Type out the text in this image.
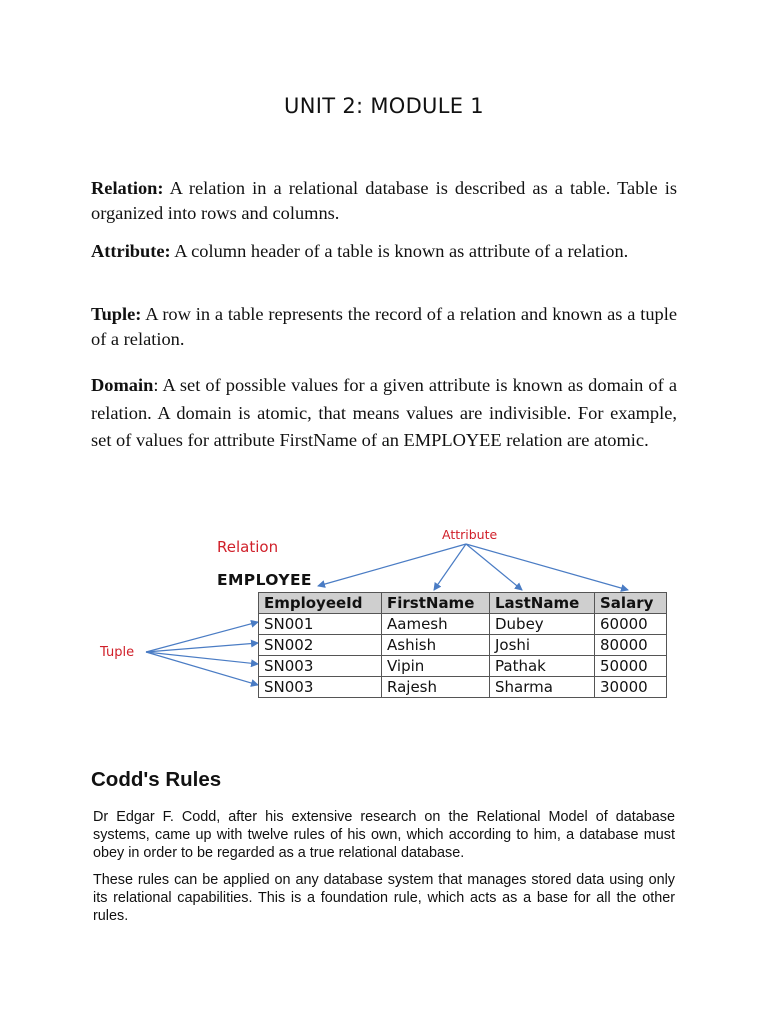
UNIT 2: MODULE 1
Relation: A relation in a relational database is described as a table. Table is organized into rows and columns.
Attribute: A column header of a table is known as attribute of a relation.
Tuple: A row in a table represents the record of a relation and known as a tuple of a relation.
Domain: A set of possible values for a given attribute is known as domain of a relation. A domain is atomic, that means values are indivisible. For example, set of values for attribute FirstName of an EMPLOYEE relation are atomic.
Relation
Attribute
Tuple
EMPLOYEE
EmployeeId	FirstName	LastName	Salary
SN001	Aamesh	Dubey	60000
SN002	Ashish	Joshi	80000
SN003	Vipin	Pathak	50000
SN003	Rajesh	Sharma	30000
Codd's Rules
Dr Edgar F. Codd, after his extensive research on the Relational Model of database systems, came up with twelve rules of his own, which according to him, a database must obey in order to be regarded as a true relational database.
These rules can be applied on any database system that manages stored data using only its relational capabilities. This is a foundation rule, which acts as a base for all the other rules.
